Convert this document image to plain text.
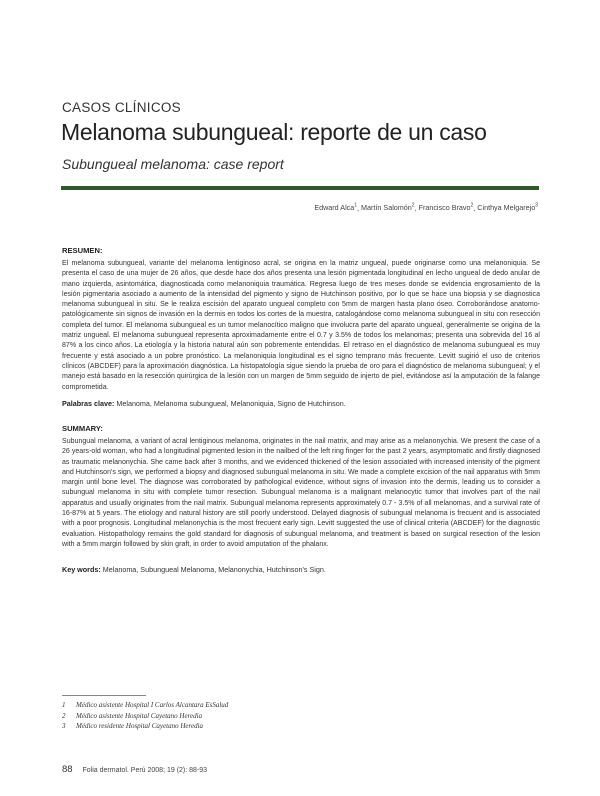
CASOS CLÍNICOS
Melanoma subungueal: reporte de un caso
Subungueal melanoma: case report
Edward Alca$^1$, Martín Salomón$^2$, Francisco Bravo$^2$, Cinthya Melgarejo$^3$
RESUMEN:
El melanoma subungueal, variante del melanoma lentiginoso acral, se origina en la matriz ungueal, puede originarse como una melanoniquia. Se presenta el caso de una mujer de 26 años, que desde hace dos años presenta una lesión pigmentada longitudinal en lecho ungueal de dedo anular de mano izquierda, asintomática, diagnosticada como melanoniquia traumática. Regresa luego de tres meses donde se evidencia engrosamiento de la lesión pigmentaria asociado a aumento de la intensidad del pigmento y signo de Hutchinson positivo, por lo que se hace una biopsia y se diagnostica melanoma subungueal in situ. Se le realiza escisión del aparato ungueal completo con 5mm de margen hasta plano óseo. Corroborándose anatomo-patológicamente sin signos de invasión en la dermis en todos los cortes de la muestra, catalogándose como melanoma subungueal in situ con resección completa del tumor. El melanoma subungueal es un tumor melanocítico maligno que involucra parte del aparato ungueal, generalmente se origina de la matriz ungueal. El melanoma subungueal representa aproximadamente entre el 0.7 y 3.5% de todos los melanomas; presenta una sobrevida del 16 al 87% a los cinco años. La etiología y la historia natural aún son pobremente entendidas. El retraso en el diagnóstico de melanoma subungueal es muy frecuente y está asociado a un pobre pronóstico. La melanoniquia longitudinal es el signo temprano más frecuente. Levitt sugirió el uso de criterios clínicos (ABCDEF) para la aproximación diagnóstica. La histopatología sigue siendo la prueba de oro para el diagnóstico de melanoma subungueal; y el manejo está basado en la resección quirúrgica de la lesión con un margen de 5mm seguido de injerto de piel, evitándose así la amputación de la falange comprometida.
Palabras clave: Melanoma, Melanoma subungueal, Melanoniquia, Signo de Hutchinson.
SUMMARY:
Subungual melanoma, a variant of acral lentiginous melanoma, originates in the nail matrix, and may arise as a melanonychia. We present the case of a 26 years-old woman, who had a longitudinal pigmented lesion in the nailbed of the left ring finger for the past 2 years, asymptomatic and firstly diagnosed as traumatic melanonychia. She came back after 3 months, and we evidenced thickened of the lesion associated with increased intensity of the pigment and Hutchinson's sign, we performed a biopsy and diagnosed subungual melanoma in situ. We made a complete excision of the nail apparatus with 5mm margin until bone level. The diagnose was corroborated by pathological evidence, without signs of invasion into the dermis, leading us to consider a subungual melanoma in situ with complete tumor resection. Subungual melanoma is a malignant melanocytic tumor that involves part of the nail apparatus and usually originates from the nail matrix. Subungual melanoma represents approximately 0.7 - 3.5% of all melanomas, and a survival rate of 16-87% at 5 years. The etiology and natural history are still poorly understood. Delayed diagnosis of subungual melanoma is frecuent and is associated with a poor prognosis. Longitudinal melanonychia is the most frecuent early sign. Levitt suggested the use of clinical criteria (ABCDEF) for the diagnostic evaluation. Histopathology remains the gold standard for diagnosis of subungual melanoma, and treatment is based on surgical resection of the lesion with a 5mm margin followed by skin graft, in order to avoid amputation of the phalanx.
Key words: Melanoma, Subungueal Melanoma, Melanonychia, Hutchinson's Sign.
1 Médico asistente Hospital I Carlos Alcantara EsSalud
2 Médico asistente Hospital Cayetano Heredia
3 Médico residente Hospital Cayetano Heredia
88 Folia dermatol. Perú 2008; 19 (2): 88-93
